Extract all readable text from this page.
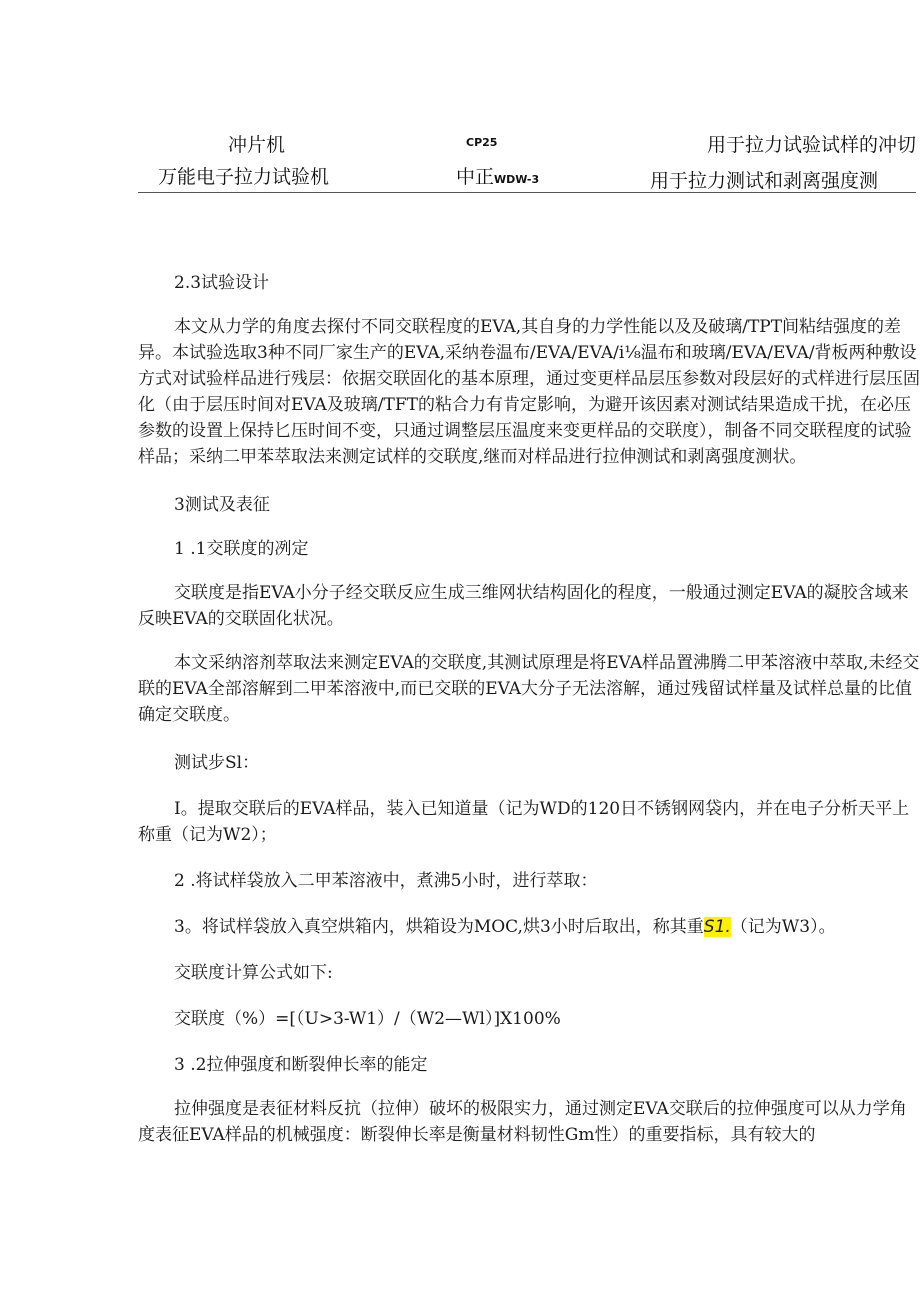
冲片机	CP25	用于拉力试验试样的冲切
万能电子拉力试验机	中正WDW-3	用于拉力测试和剥离强度测

2.3试验设计

本文从力学的角度去探付不同交联程度的EVA,其自身的力学性能以及及破璃/TPT间粘结强度的差异。本试验选取3种不同厂家生产的EVA,采纳卷温布/EVA/EVA/i⅛温布和玻璃/EVA/EVA/背板两种敷设方式对试验样品进行残层：依据交联固化的基本原理，通过变更样品层压参数对段层好的式样进行层压固化（由于层压时间对EVA及玻璃/TFT的粘合力有肯定影响，为避开该因素对测试结果造成干扰，在必压参数的设置上保持匕压时间不变，只通过调整层压温度来变更样品的交联度），制备不同交联程度的试验样品；采纳二甲苯萃取法来测定试样的交联度,继而对样品进行拉伸测试和剥离强度测状。

3测试及表征

1 .1交联度的冽定

交联度是指EVA小分子经交联反应生成三维网状结构固化的程度，一般通过测定EVA的凝胶含域来反映EVA的交联固化状况。

本文采纳溶剂萃取法来测定EVA的交联度,其测试原理是将EVA样品置沸腾二甲苯溶液中萃取,未经交联的EVA全部溶解到二甲苯溶液中,而已交联的EVA大分子无法溶解，通过残留试样量及试样总量的比值确定交联度。

测试步Sl：

I。提取交联后的EVA样品，装入已知道量（记为WD的120日不锈钢网袋内，并在电子分析天平上称重（记为W2）；

2 .将试样袋放入二甲苯溶液中，煮沸5小时，进行萃取：

3。将试样袋放入真空烘箱内，烘箱设为MOC,烘3小时后取出，称其重S1.（记为W3）。

交联度计算公式如下:

交联度（%）=[（U>3-W1）/（W2—Wl）]X100%

3 .2拉伸强度和断裂伸长率的能定

拉伸强度是表征材料反抗（拉伸）破坏的极限实力，通过测定EVA交联后的拉伸强度可以从力学角度表征EVA样品的机械强度：断裂伸长率是衡量材料韧性Gm性）的重要指标，具有较大的
